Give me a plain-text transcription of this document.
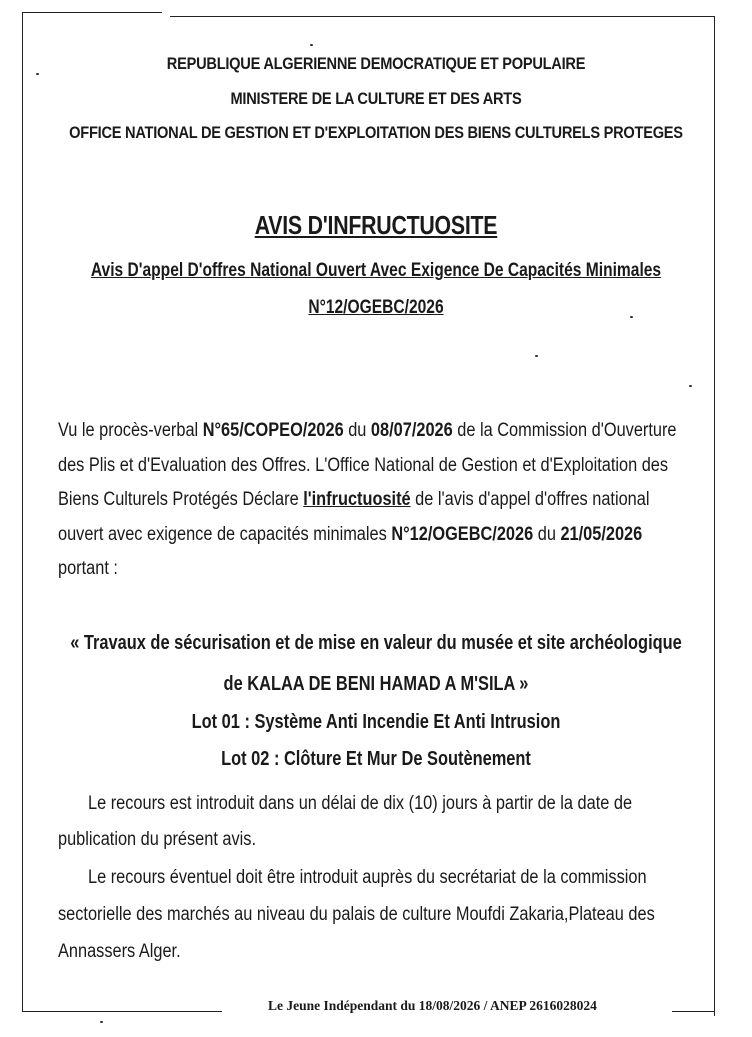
REPUBLIQUE ALGERIENNE DEMOCRATIQUE ET POPULAIRE
MINISTERE DE LA CULTURE ET DES ARTS
OFFICE NATIONAL DE GESTION ET D'EXPLOITATION DES BIENS CULTURELS PROTEGES
AVIS D'INFRUCTUOSITE
Avis D'appel D'offres National Ouvert Avec Exigence De Capacités Minimales
N°12/OGEBC/2026
Vu le procès-verbal N°65/COPEO/2026 du 08/07/2026 de la Commission d'Ouverture
des Plis et d'Evaluation des Offres. L'Office National de Gestion et d'Exploitation des
Biens Culturels Protégés Déclare l'infructuosité de l'avis d'appel d'offres national
ouvert avec exigence de capacités minimales N°12/OGEBC/2026 du 21/05/2026
portant :
« Travaux de sécurisation et de mise en valeur du musée et site archéologique
de KALAA DE BENI HAMAD A M'SILA »
Lot 01 : Système Anti Incendie Et Anti Intrusion
Lot 02 : Clôture Et Mur De Soutènement
Le recours est introduit dans un délai de dix (10) jours à partir de la date de
publication du présent avis.
Le recours éventuel doit être introduit auprès du secrétariat de la commission
sectorielle des marchés au niveau du palais de culture Moufdi Zakaria,Plateau des
Annassers Alger.
Le Jeune Indépendant du 18/08/2026 / ANEP 2616028024
